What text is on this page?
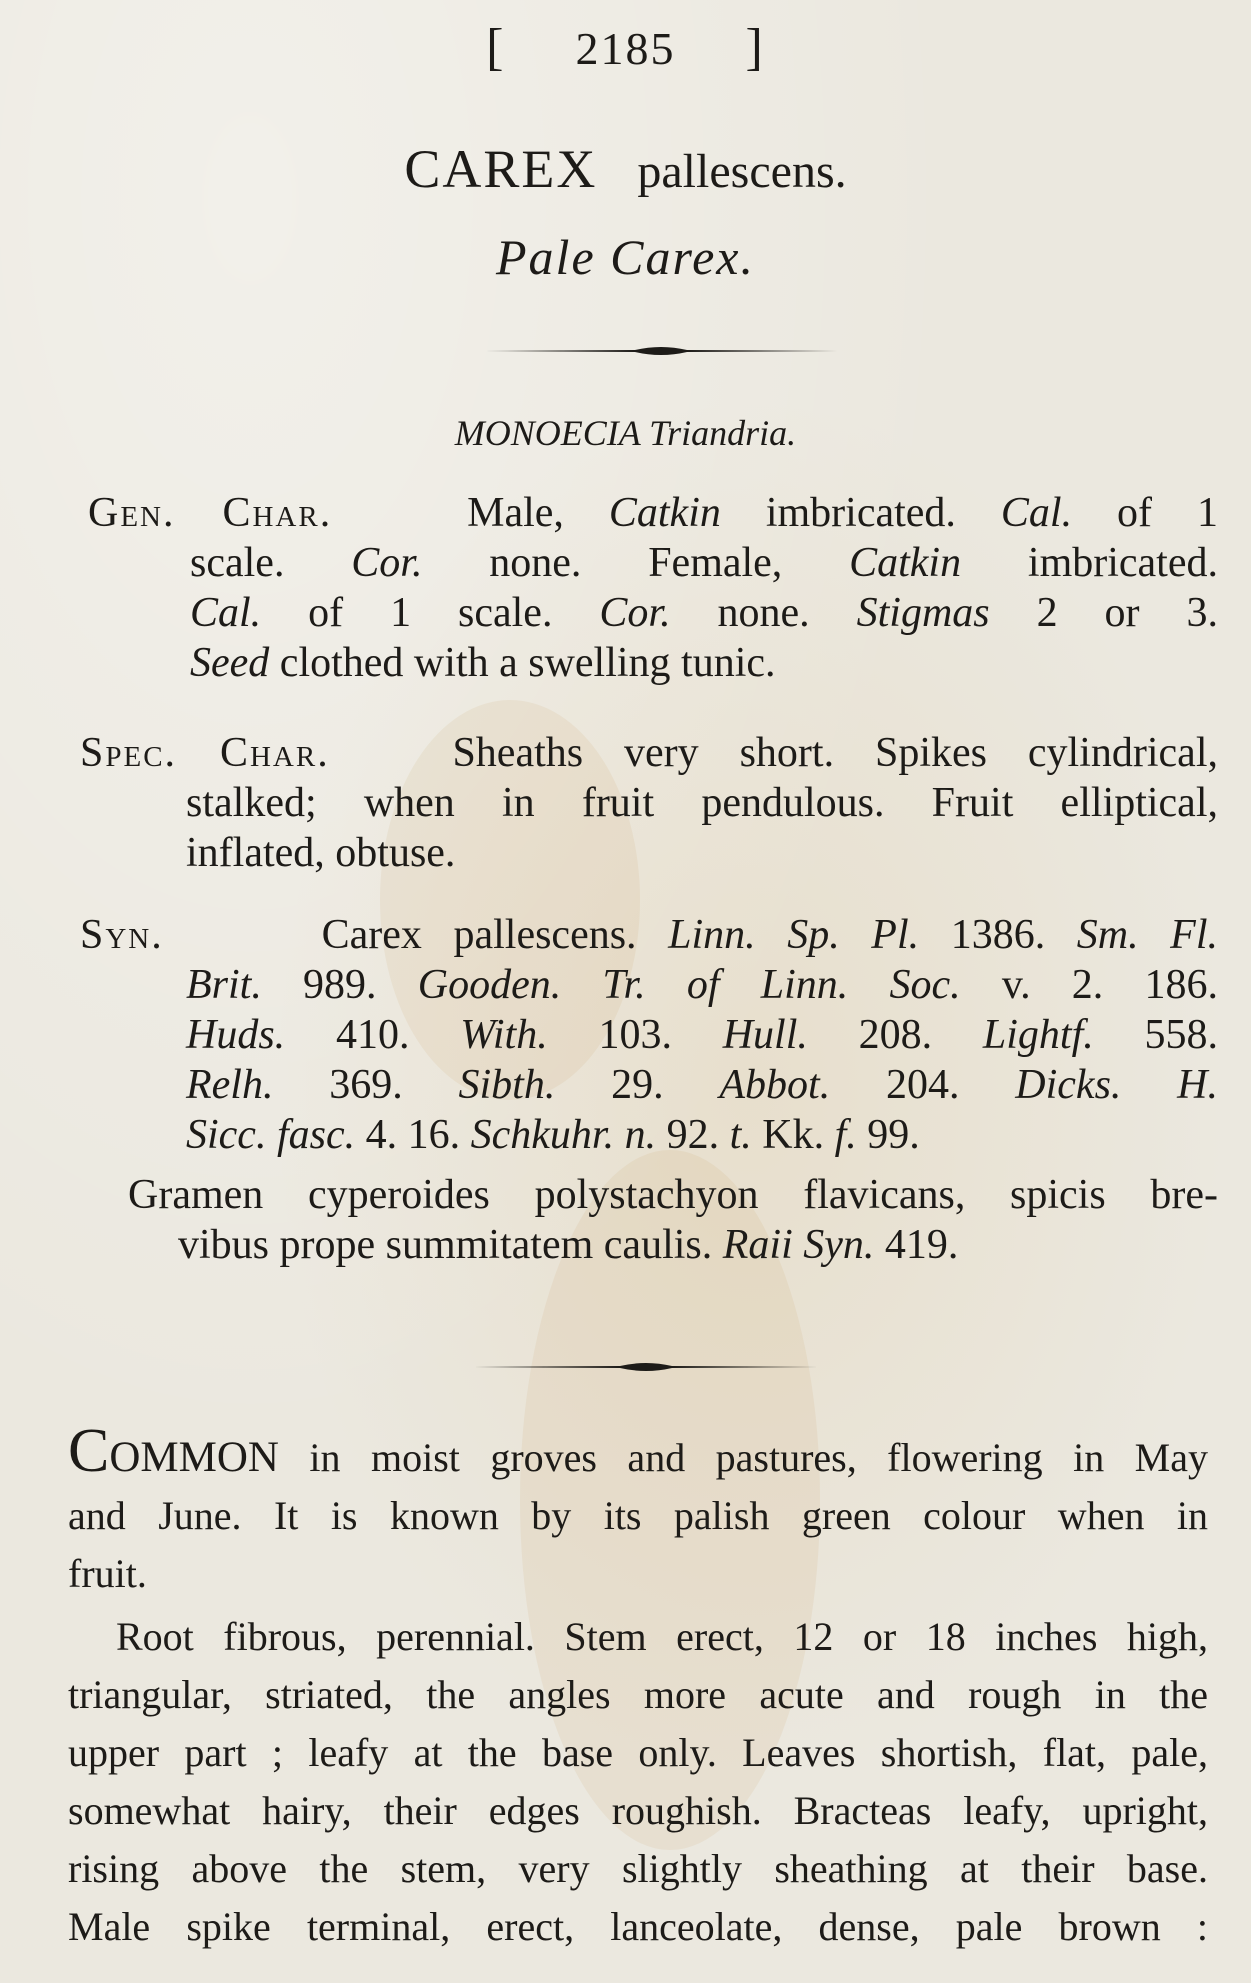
[ 2185 ]
CAREX pallescens.
Pale Carex.
MONOECIA Triandria.
Gen. Char.	Male, Catkin imbricated. Cal. of 1
scale. Cor. none. Female, Catkin imbricated.
Cal. of 1 scale. Cor. none. Stigmas 2 or 3.
Seed clothed with a swelling tunic.
Spec. Char.	Sheaths very short. Spikes cylindrical,
stalked; when in fruit pendulous. Fruit elliptical,
inflated, obtuse.
Syn.	Carex pallescens. Linn. Sp. Pl. 1386. Sm. Fl.
Brit. 989. Gooden. Tr. of Linn. Soc. v. 2. 186.
Huds. 410. With. 103. Hull. 208. Lightf. 558.
Relh. 369. Sibth. 29. Abbot. 204. Dicks. H.
Sicc. fasc. 4. 16. Schkuhr. n. 92. t. Kk. f. 99.
Gramen cyperoides polystachyon flavicans, spicis bre-
vibus prope summitatem caulis. Raii Syn. 419.
Common in moist groves and pastures, flowering in May
and June. It is known by its palish green colour when in
fruit.
Root fibrous, perennial. Stem erect, 12 or 18 inches high,
triangular, striated, the angles more acute and rough in the
upper part ; leafy at the base only. Leaves shortish, flat, pale,
somewhat hairy, their edges roughish. Bracteas leafy, upright,
rising above the stem, very slightly sheathing at their base.
Male spike terminal, erect, lanceolate, dense, pale brown :
